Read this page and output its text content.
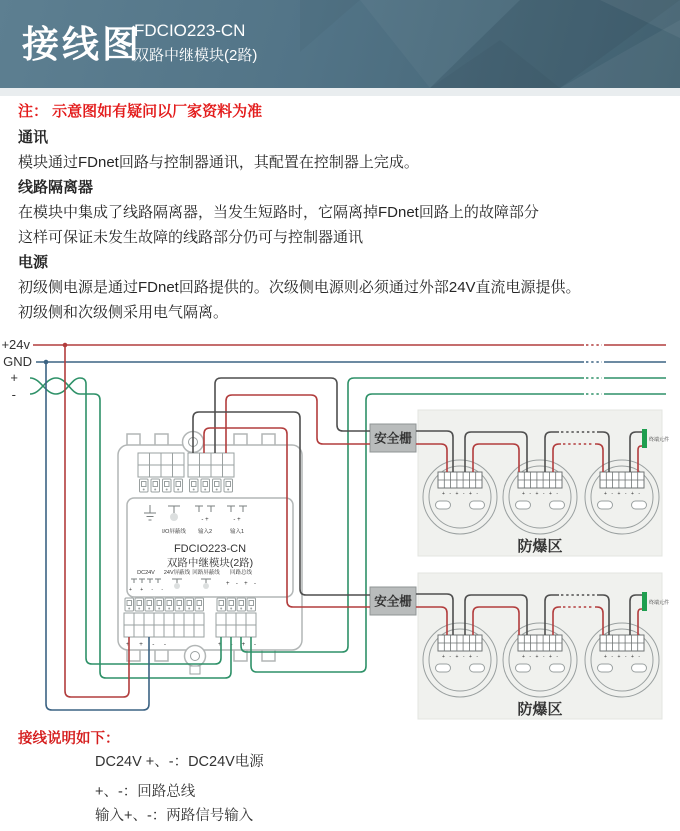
接线图
FDCIO223-CN
双路中继模块(2路)
注： 示意图如有疑问以厂家资料为准
通讯
模块通过FDnet回路与控制器通讯，其配置在控制器上完成。
线路隔离器
在模块中集成了线路隔离器，当发生短路时，它隔离掉FDnet回路上的故障部分
这样可保证未发生故障的线路部分仍可与控制器通讯
电源
初级侧电源是通过FDnet回路提供的。次级侧电源则必须通过外部24V直流电源提供。
初级侧和次级侧采用电气隔离。
安全栅
+ - + - + -	+ - + - + -	+ - + - + -
终端元件
防爆区
+ + - -	+ - + -
I/O屏蔽线
- +
输入2
- +
输入1
FDCIO223-CN
双路中继模块(2路)
DC24V
+ + - -
24V屏蔽线 回路屏蔽线 回路总线
+ - + -
+24v
GND
+
-
接线说明如下：
DC24V +、-：DC24V电源
+、-：回路总线
输入+、-：两路信号输入
